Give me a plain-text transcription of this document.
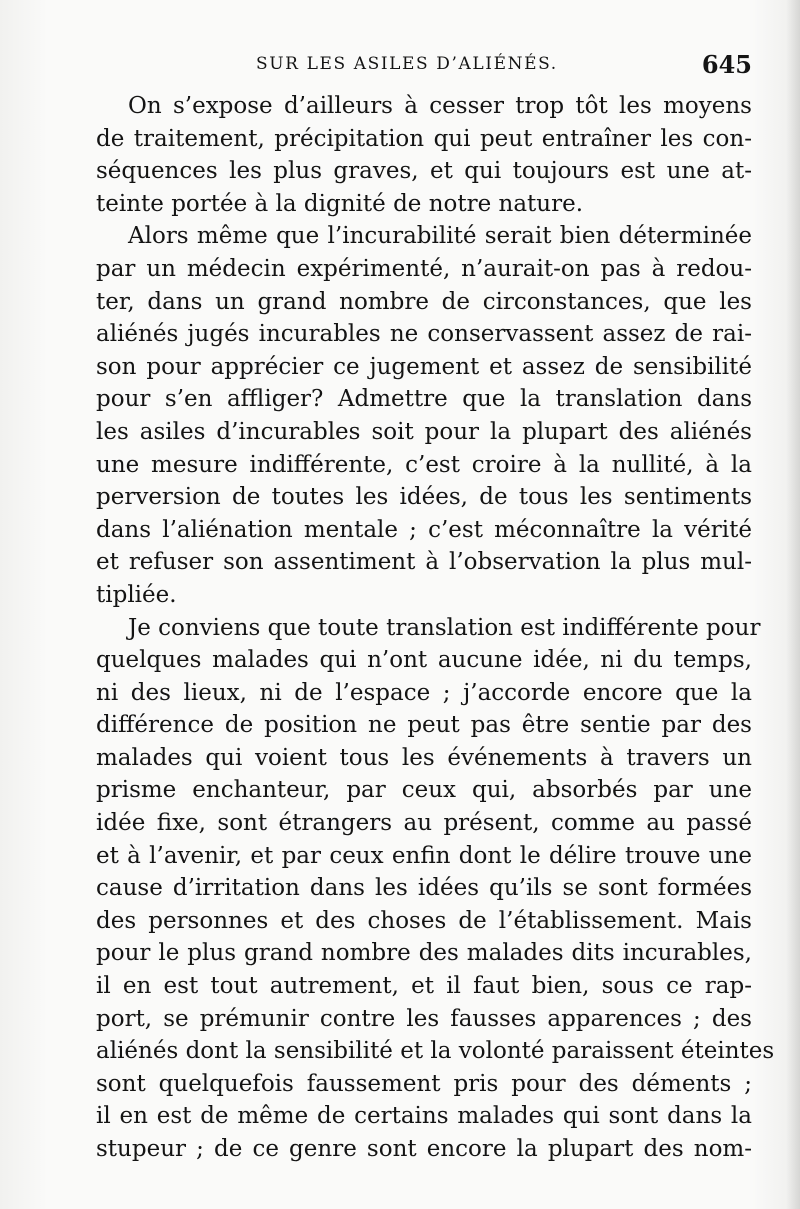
SUR LES ASILES D’ALIÉNÉS.	645
On s’expose d’ailleurs à cesser trop tôt les moyens
de traitement, précipitation qui peut entraîner les con-
séquences les plus graves, et qui toujours est une at-
teinte portée à la dignité de notre nature.
Alors même que l’incurabilité serait bien déterminée
par un médecin expérimenté, n’aurait-on pas à redou-
ter, dans un grand nombre de circonstances, que les
aliénés jugés incurables ne conservassent assez de rai-
son pour apprécier ce jugement et assez de sensibilité
pour s’en affliger? Admettre que la translation dans
les asiles d’incurables soit pour la plupart des aliénés
une mesure indifférente, c’est croire à la nullité, à la
perversion de toutes les idées, de tous les sentiments
dans l’aliénation mentale ; c’est méconnaître la vérité
et refuser son assentiment à l’observation la plus mul-
tipliée.
Je conviens que toute translation est indifférente pour
quelques malades qui n’ont aucune idée, ni du temps,
ni des lieux, ni de l’espace ; j’accorde encore que la
différence de position ne peut pas être sentie par des
malades qui voient tous les événements à travers un
prisme enchanteur, par ceux qui, absorbés par une
idée fixe, sont étrangers au présent, comme au passé
et à l’avenir, et par ceux enfin dont le délire trouve une
cause d’irritation dans les idées qu’ils se sont formées
des personnes et des choses de l’établissement. Mais
pour le plus grand nombre des malades dits incurables,
il en est tout autrement, et il faut bien, sous ce rap-
port, se prémunir contre les fausses apparences ; des
aliénés dont la sensibilité et la volonté paraissent éteintes
sont quelquefois faussement pris pour des déments ;
il en est de même de certains malades qui sont dans la
stupeur ; de ce genre sont encore la plupart des nom-
